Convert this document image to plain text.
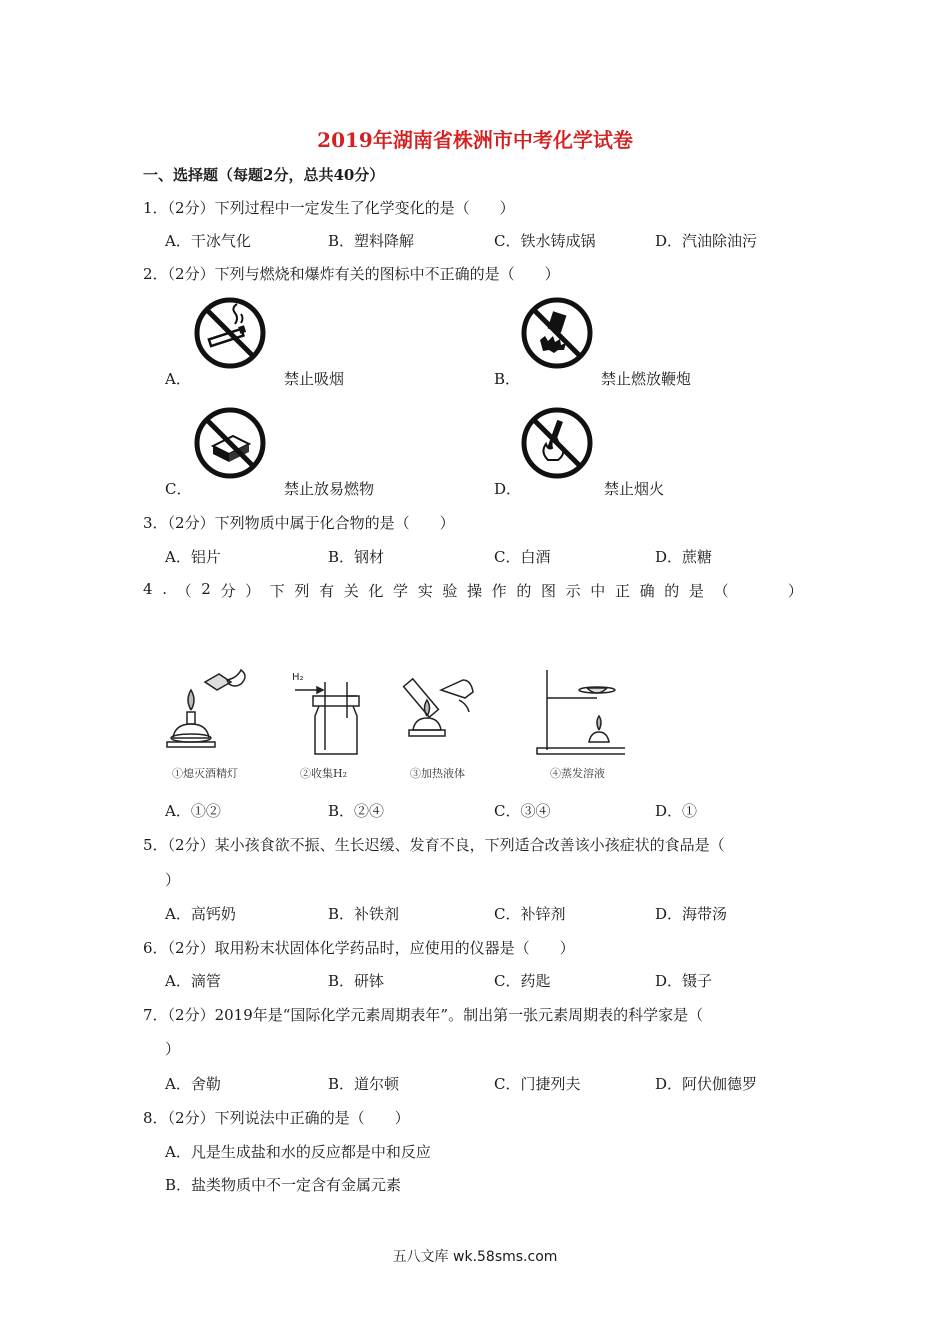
2019年湖南省株洲市中考化学试卷
一、选择题（每题2分，总共40分）
1．（2分）下列过程中一定发生了化学变化的是（　　）
A．干冰气化	B．塑料降解	C．铁水铸成锅	D．汽油除油污
2．（2分）下列与燃烧和爆炸有关的图标中不正确的是（　　）
A．	禁止吸烟	B．	禁止燃放鞭炮
C．	禁止放易燃物	D．	禁止烟火
3．（2分）下列物质中属于化合物的是（　　）
A．铝片	B．钢材	C．白酒	D．蔗糖
4 . （ 2 分 ） 下 列 有 关 化 学 实 验 操 作 的 图 示 中 正 确 的 是 （	）
H₂
①熄灭酒精灯	②收集H₂	③加热液体	④蒸发溶液
A．①②	B．②④	C．③④	D．①
5．（2分）某小孩食欲不振、生长迟缓、发育不良，下列适合改善该小孩症状的食品是（
）
A．高钙奶	B．补铁剂	C．补锌剂	D．海带汤
6．（2分）取用粉末状固体化学药品时，应使用的仪器是（　　）
A．滴管	B．研钵	C．药匙	D．镊子
7．（2分）2019年是“国际化学元素周期表年”。制出第一张元素周期表的科学家是（
）
A．舍勒	B．道尔顿	C．门捷列夫	D．阿伏伽德罗
8．（2分）下列说法中正确的是（　　）
A．凡是生成盐和水的反应都是中和反应
B．盐类物质中不一定含有金属元素
五八文库 wk.58sms.com
